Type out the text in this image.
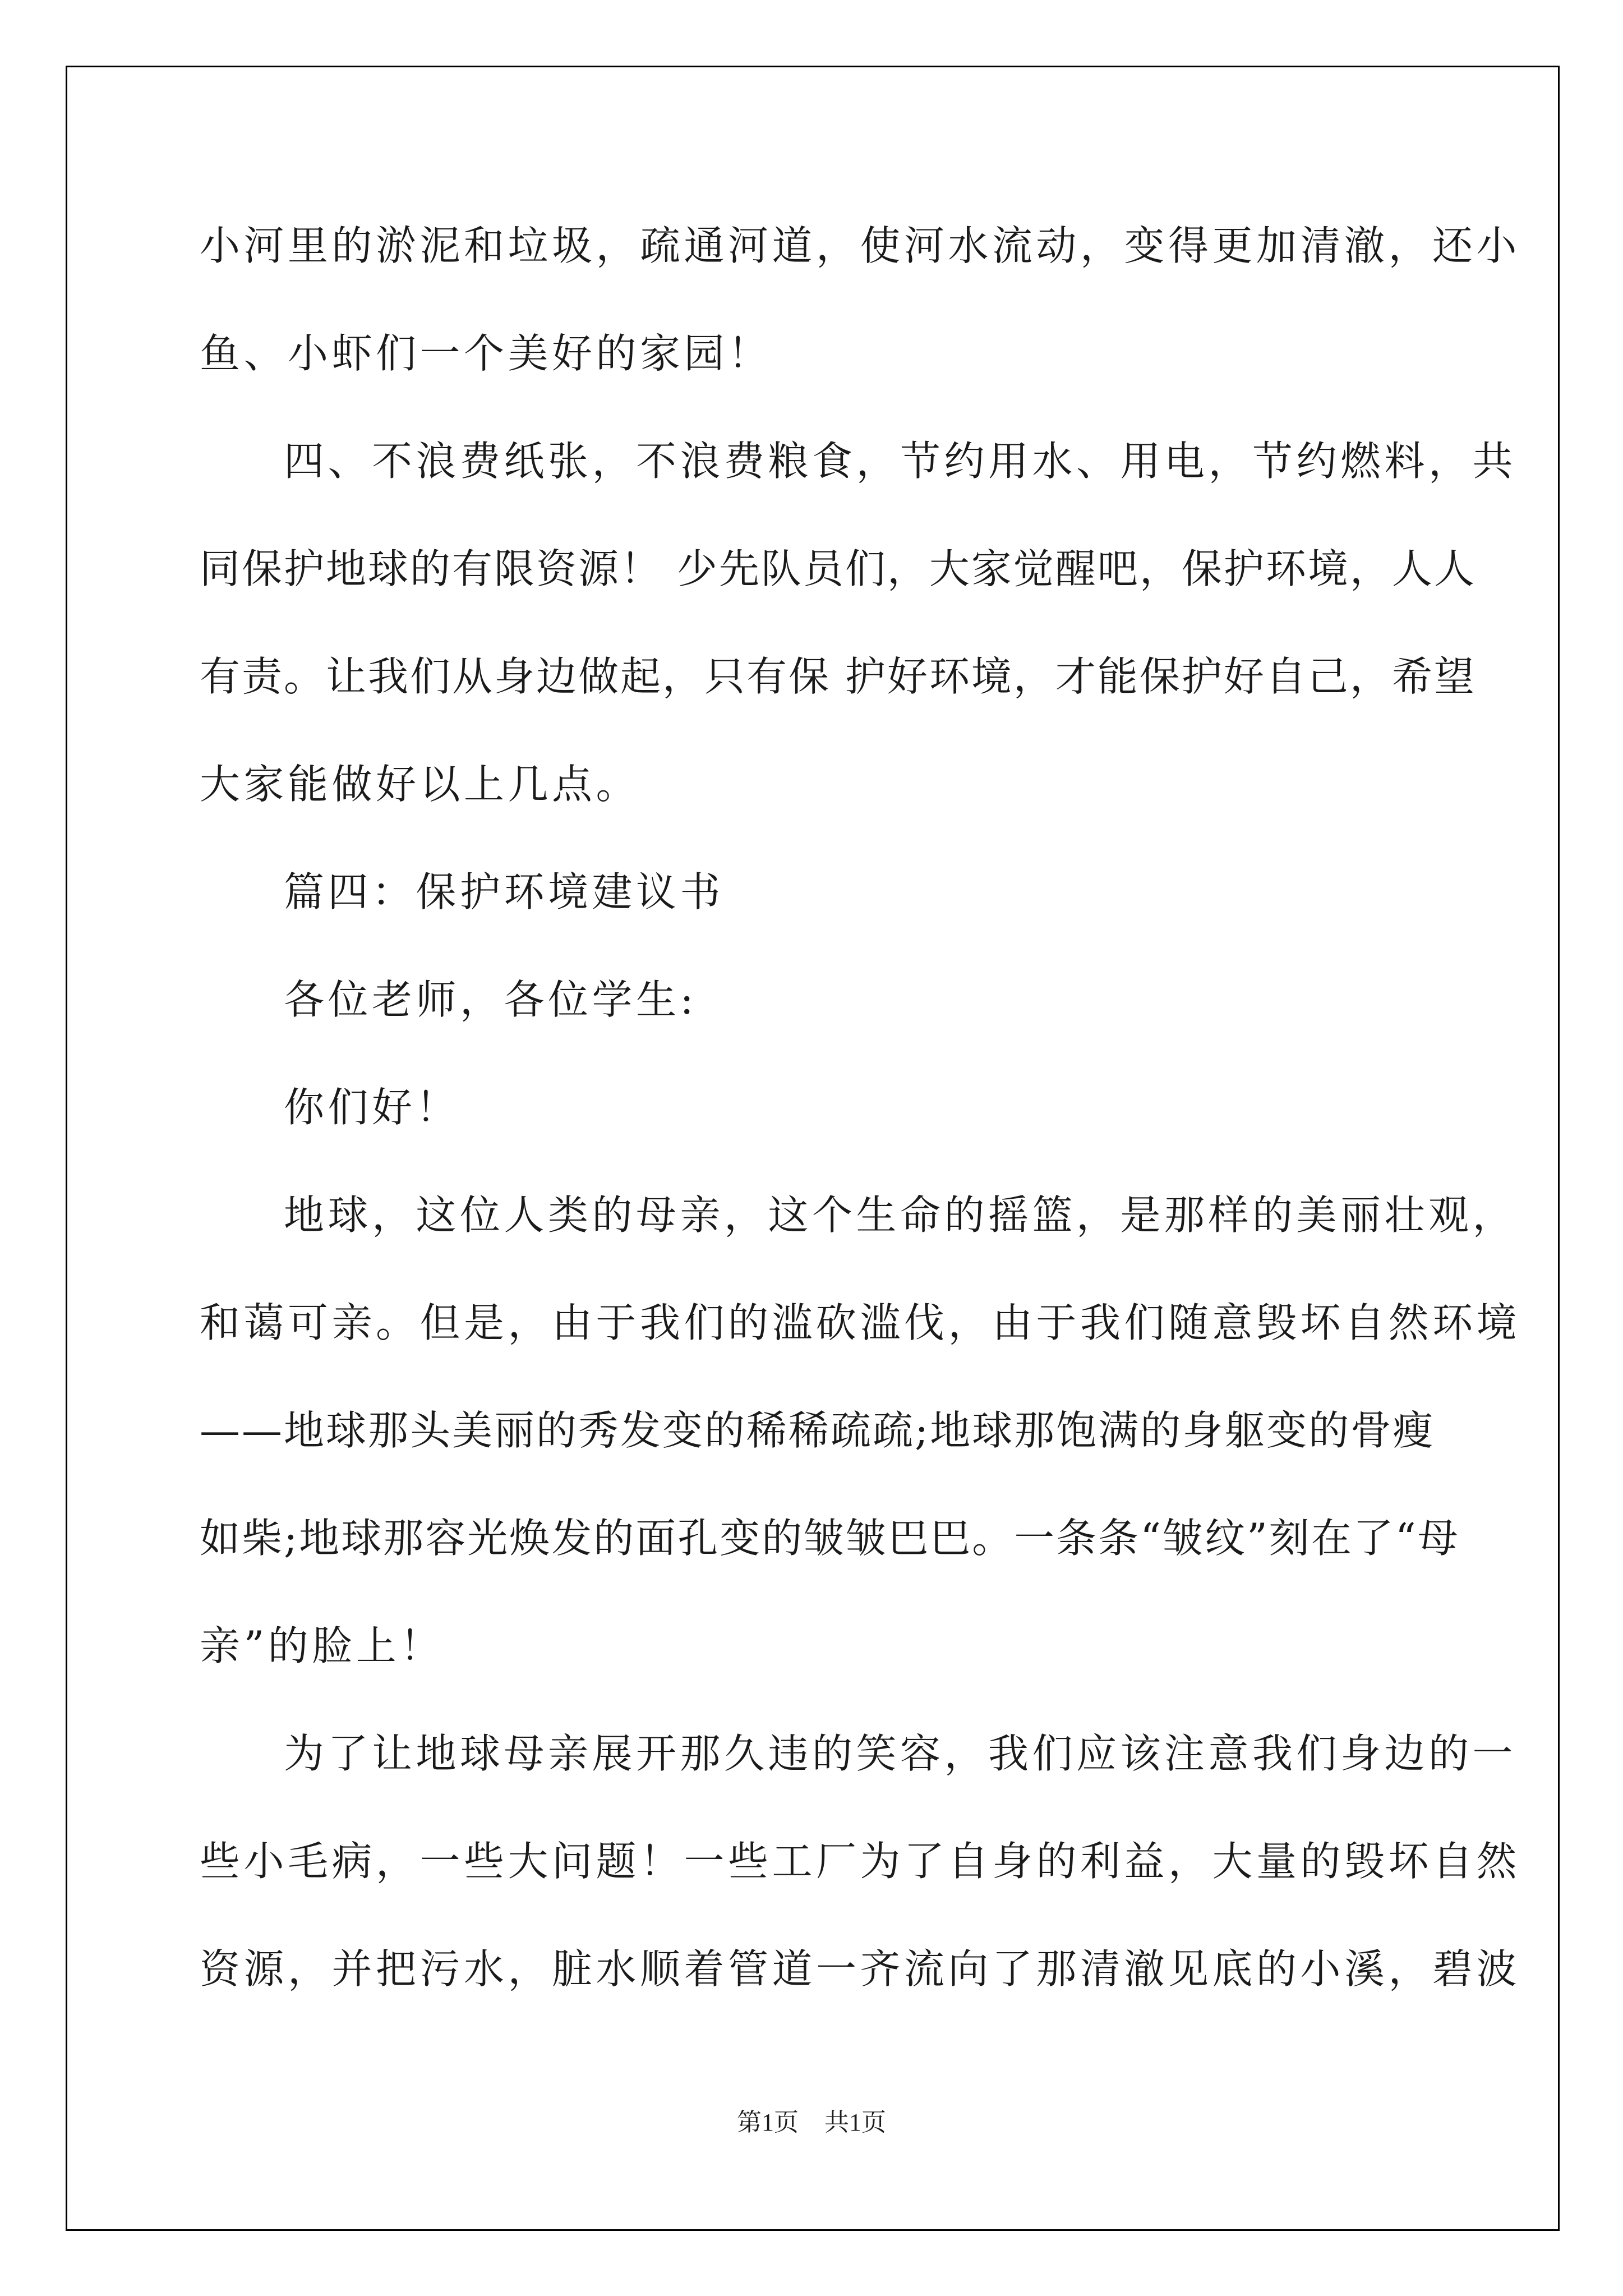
小河里的淤泥和垃圾，疏通河道，使河水流动，变得更加清澈，还小
鱼、小虾们一个美好的家园！
四、不浪费纸张，不浪费粮食，节约用水、用电，节约燃料，共
同保护地球的有限资源！ 少先队员们，大家觉醒吧，保护环境，人人
有责。让我们从身边做起，只有保 护好环境，才能保护好自己，希望
大家能做好以上几点。
篇四：保护环境建议书
各位老师，各位学生:
你们好！
地球，这位人类的母亲，这个生命的摇篮，是那样的美丽壮观，
和蔼可亲。但是，由于我们的滥砍滥伐，由于我们随意毁坏自然环境
——地球那头美丽的秀发变的稀稀疏疏;地球那饱满的身躯变的骨瘦
如柴;地球那容光焕发的面孔变的皱皱巴巴。一条条“皱纹”刻在了“母
亲”的脸上！
为了让地球母亲展开那久违的笑容，我们应该注意我们身边的一
些小毛病，一些大问题！一些工厂为了自身的利益，大量的毁坏自然
资源，并把污水，脏水顺着管道一齐流向了那清澈见底的小溪，碧波
第1页 共1页
